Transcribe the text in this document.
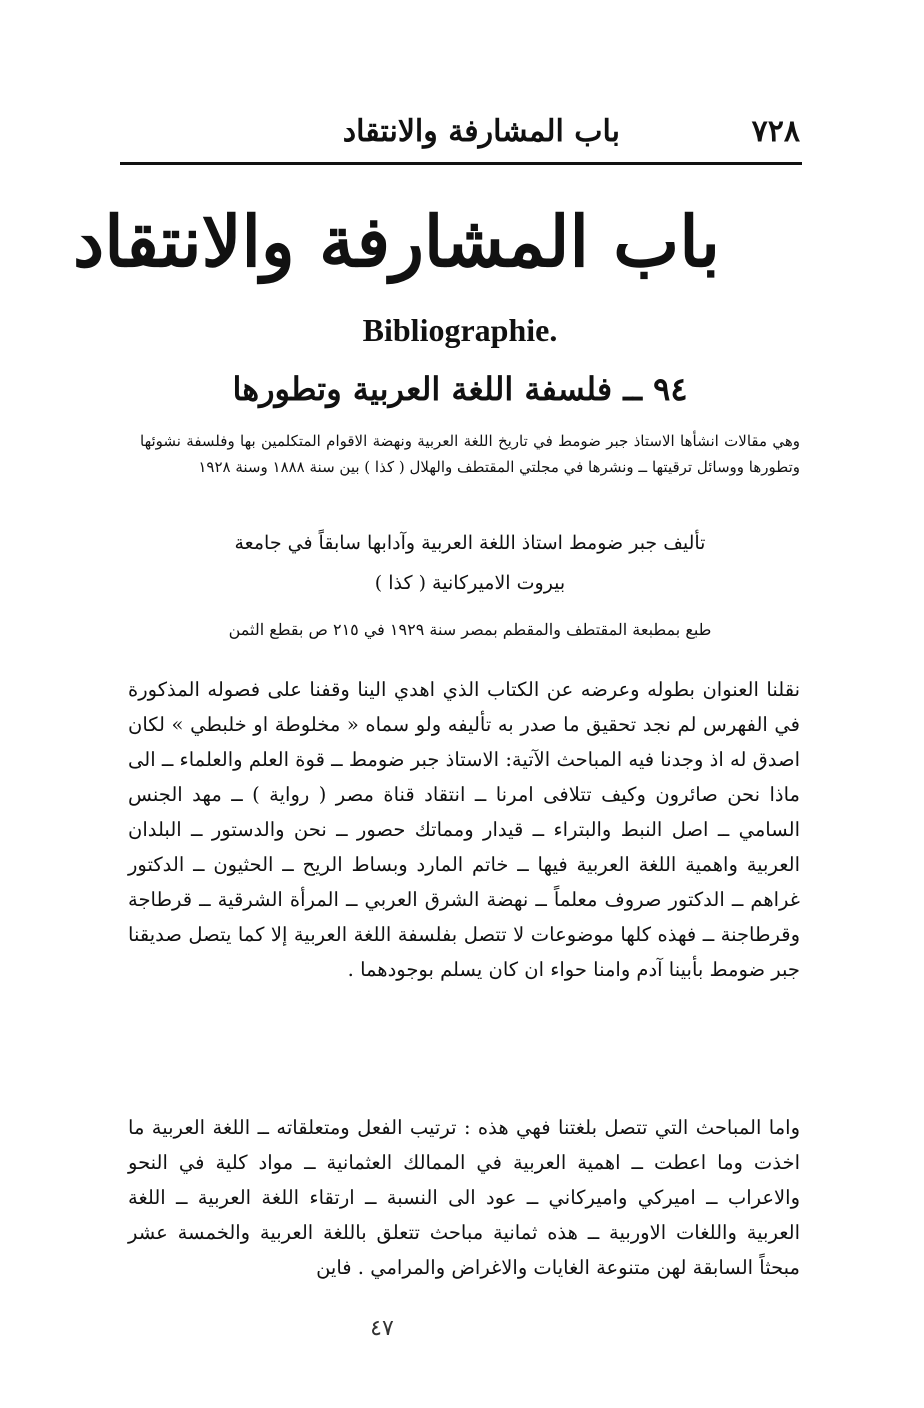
٧٢٨
باب المشارفة والانتقاد
باب المشارفة والانتقاد
Bibliographie.
٩٤ ــ فلسفة اللغة العربية وتطورها
وهي مقالات انشأها الاستاذ جبر ضومط في تاريخ اللغة العربية ونهضة الاقوام المتكلمين بها وفلسفة نشوئها وتطورها ووسائل ترقيتها ــ ونشرها في مجلتي المقتطف والهلال ( كذا ) بين سنة ١٨٨٨ وسنة ١٩٢٨
تأليف جبر ضومط استاذ اللغة العربية وآدابها سابقاً في جامعة
بيروت الاميركانية ( كذا )
طبع بمطبعة المقتطف والمقطم بمصر سنة ١٩٢٩ في ٢١٥ ص بقطع الثمن

نقلنا العنوان بطوله وعرضه عن الكتاب الذي اهدي الينا وقفنا على فصوله المذكورة في الفهرس لم نجد تحقيق ما صدر به تأليفه ولو سماه « مخلوطة او خلبطي » لكان اصدق له اذ وجدنا فيه المباحث الآتية: الاستاذ جبر ضومط ــ قوة العلم والعلماء ــ الى ماذا نحن صائرون وكيف تتلافى امرنا ــ انتقاد قناة مصر ( رواية ) ــ مهد الجنس السامي ــ اصل النبط والبتراء ــ قيدار ومماتك حصور ــ نحن والدستور ــ البلدان العربية واهمية اللغة العربية فيها ــ خاتم المارد وبساط الريح ــ الحثيون ــ الدكتور غراهم ــ الدكتور صروف معلماً ــ نهضة الشرق العربي ــ المرأة الشرقية ــ قرطاجة وقرطاجنة ــ فهذه كلها موضوعات لا تتصل بفلسفة اللغة العربية إلا كما يتصل صديقنا جبر ضومط بأبينا آدم وامنا حواء ان كان يسلم بوجودهما .

واما المباحث التي تتصل بلغتنا فهي هذه : ترتيب الفعل ومتعلقاته ــ اللغة العربية ما اخذت وما اعطت ــ اهمية العربية في الممالك العثمانية ــ مواد كلية في النحو والاعراب ــ اميركي واميركاني ــ عود الى النسبة ــ ارتقاء اللغة العربية ــ اللغة العربية واللغات الاوربية ــ هذه ثمانية مباحث تتعلق باللغة العربية والخمسة عشر مبحثاً السابقة لهن متنوعة الغايات والاغراض والمرامي . فاين

٤٧
